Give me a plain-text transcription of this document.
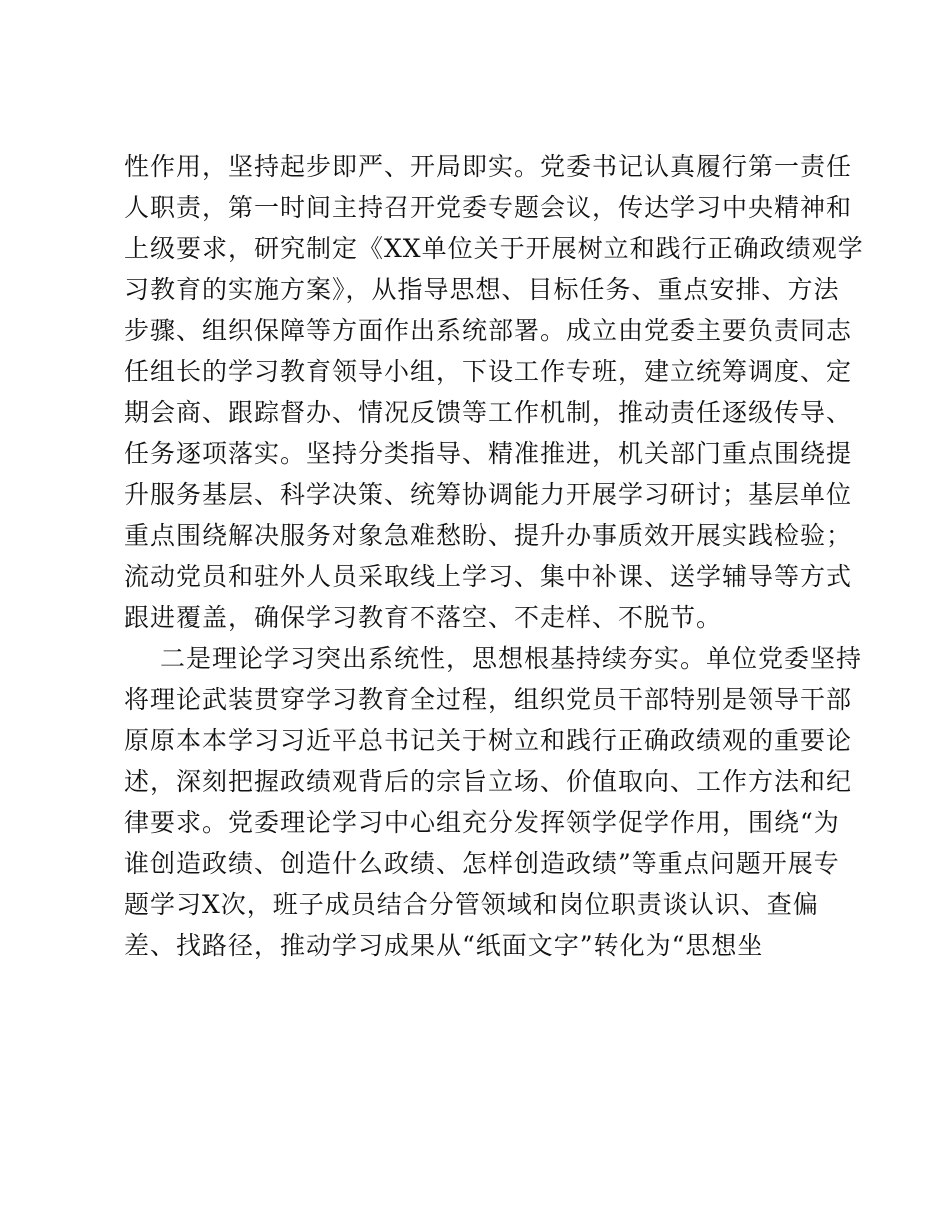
性作用，坚持起步即严、开局即实。党委书记认真履行第一责任
人职责，第一时间主持召开党委专题会议，传达学习中央精神和
上级要求，研究制定《XX单位关于开展树立和践行正确政绩观学
习教育的实施方案》，从指导思想、目标任务、重点安排、方法
步骤、组织保障等方面作出系统部署。成立由党委主要负责同志
任组长的学习教育领导小组，下设工作专班，建立统筹调度、定
期会商、跟踪督办、情况反馈等工作机制，推动责任逐级传导、
任务逐项落实。坚持分类指导、精准推进，机关部门重点围绕提
升服务基层、科学决策、统筹协调能力开展学习研讨；基层单位
重点围绕解决服务对象急难愁盼、提升办事质效开展实践检验；
流动党员和驻外人员采取线上学习、集中补课、送学辅导等方式
跟进覆盖，确保学习教育不落空、不走样、不脱节。
二是理论学习突出系统性，思想根基持续夯实。单位党委坚持
将理论武装贯穿学习教育全过程，组织党员干部特别是领导干部
原原本本学习习近平总书记关于树立和践行正确政绩观的重要论
述，深刻把握政绩观背后的宗旨立场、价值取向、工作方法和纪
律要求。党委理论学习中心组充分发挥领学促学作用，围绕“为
谁创造政绩、创造什么政绩、怎样创造政绩”等重点问题开展专
题学习X次，班子成员结合分管领域和岗位职责谈认识、查偏
差、找路径，推动学习成果从“纸面文字”转化为“思想坐
